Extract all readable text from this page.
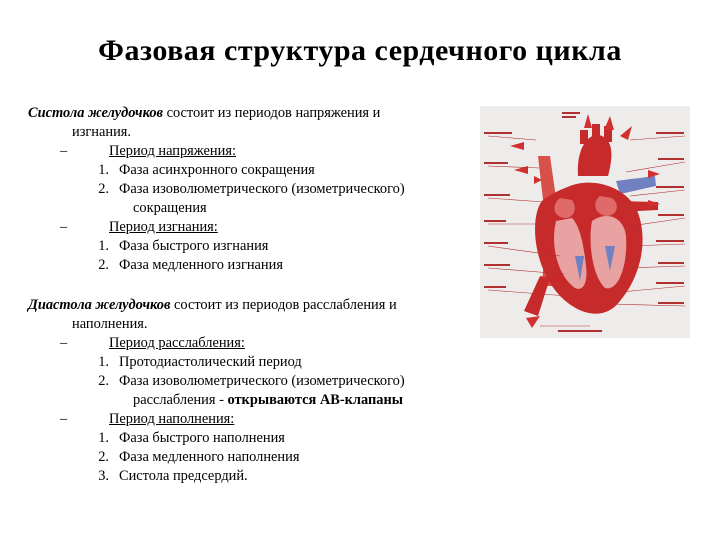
Фазовая структура сердечного цикла
Систола желудочков состоит из периодов напряжения и
изгнания.
–	Период напряжения:
1. Фаза асинхронного сокращения
2. Фаза изоволюметрического (изометрического)
сокращения
–	Период изгнания:
1. Фаза быстрого изгнания
2. Фаза медленного изгнания
Диастола желудочков состоит из периодов расслабления и
наполнения.
–	Период расслабления:
1. Протодиастолический период
2. Фаза изоволюметрического (изометрического)
расслабления - открываются АВ-клапаны
–	Период наполнения:
1. Фаза быстрого наполнения
2. Фаза медленного наполнения
3. Систола предсердий.
